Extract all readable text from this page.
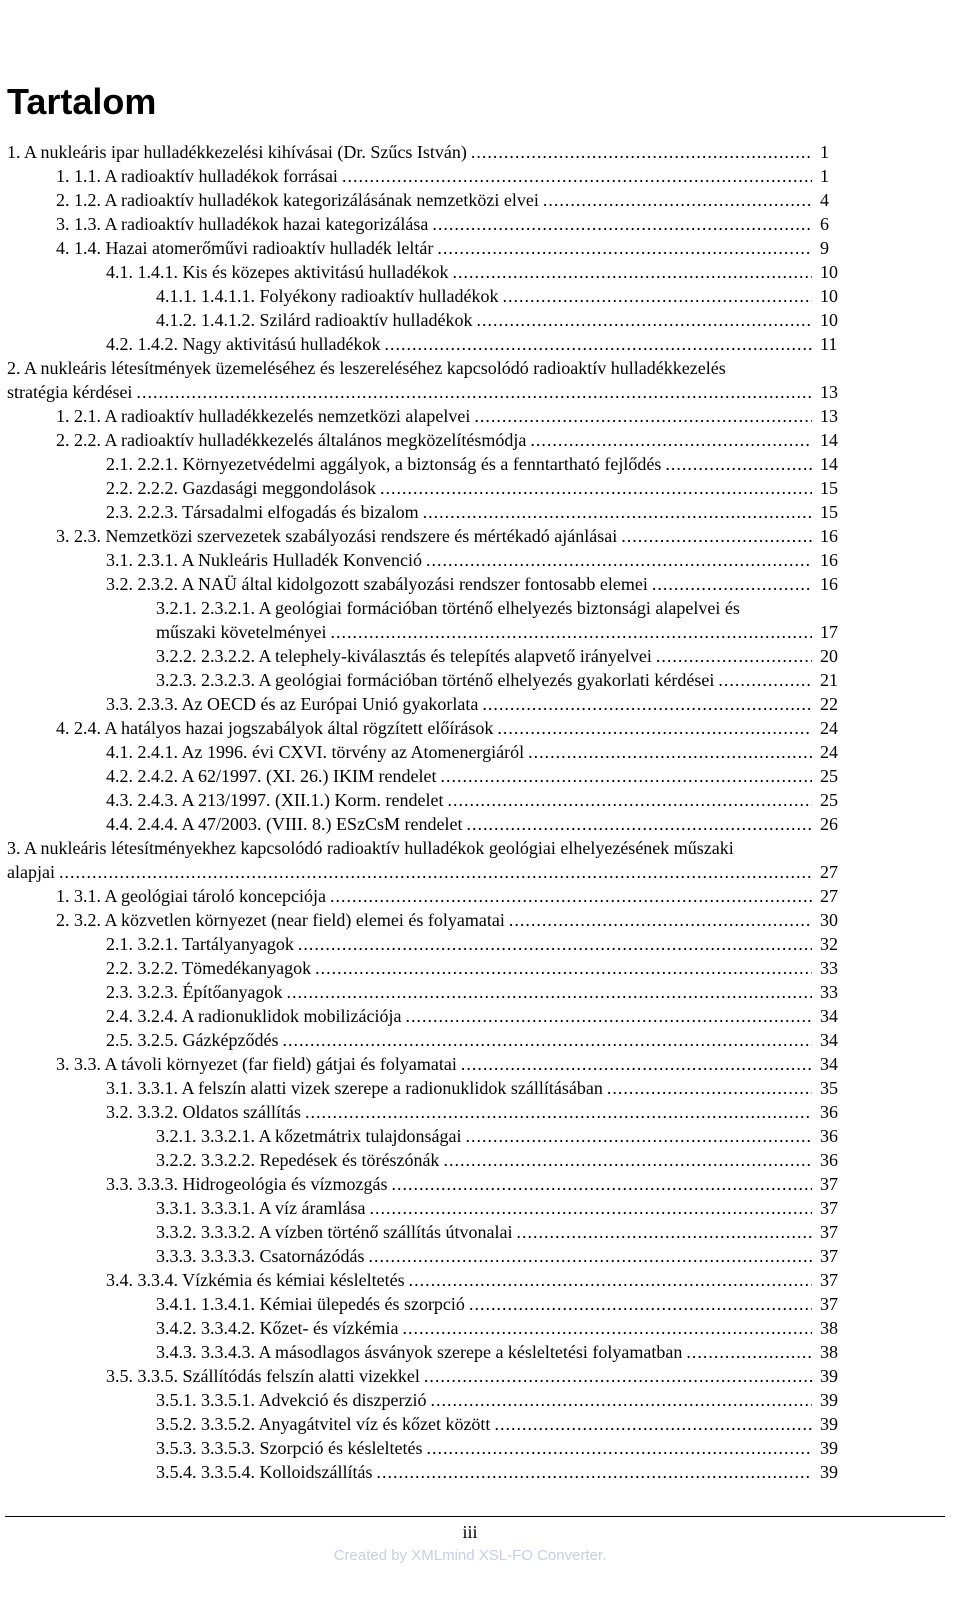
Tartalom
1. A nukleáris ipar hulladékkezelési kihívásai (Dr. Szűcs István) .....	1
1. 1.1. A radioaktív hulladékok forrásai .....	1
2. 1.2. A radioaktív hulladékok kategorizálásának nemzetközi elvei .....	4
3. 1.3. A radioaktív hulladékok hazai kategorizálása .....	6
4. 1.4. Hazai atomerőművi radioaktív hulladék leltár .....	9
4.1. 1.4.1. Kis és közepes aktivitású hulladékok .....	10
4.1.1. 1.4.1.1. Folyékony radioaktív hulladékok .....	10
4.1.2. 1.4.1.2. Szilárd radioaktív hulladékok .....	10
4.2. 1.4.2. Nagy aktivitású hulladékok .....	11
2. A nukleáris létesítmények üzemeléséhez és leszereléséhez kapcsolódó radioaktív hulladékkezelés
stratégia kérdései .....	13
1. 2.1. A radioaktív hulladékkezelés nemzetközi alapelvei .....	13
2. 2.2. A radioaktív hulladékkezelés általános megközelítésmódja .....	14
2.1. 2.2.1. Környezetvédelmi aggályok, a biztonság és a fenntartható fejlődés .....	14
2.2. 2.2.2. Gazdasági meggondolások .....	15
2.3. 2.2.3. Társadalmi elfogadás és bizalom .....	15
3. 2.3. Nemzetközi szervezetek szabályozási rendszere és mértékadó ajánlásai .....	16
3.1. 2.3.1. A Nukleáris Hulladék Konvenció .....	16
3.2. 2.3.2. A NAÜ által kidolgozott szabályozási rendszer fontosabb elemei .....	16
3.2.1. 2.3.2.1. A geológiai formációban történő elhelyezés biztonsági alapelvei és
műszaki követelményei .....	17
3.2.2. 2.3.2.2. A telephely-kiválasztás és telepítés alapvető irányelvei .....	20
3.2.3. 2.3.2.3. A geológiai formációban történő elhelyezés gyakorlati kérdései .....	21
3.3. 2.3.3. Az OECD és az Európai Unió gyakorlata .....	22
4. 2.4. A hatályos hazai jogszabályok által rögzített előírások .....	24
4.1. 2.4.1. Az 1996. évi CXVI. törvény az Atomenergiáról .....	24
4.2. 2.4.2. A 62/1997. (XI. 26.) IKIM rendelet .....	25
4.3. 2.4.3. A 213/1997. (XII.1.) Korm. rendelet .....	25
4.4. 2.4.4. A 47/2003. (VIII. 8.) ESzCsM rendelet .....	26
3. A nukleáris létesítményekhez kapcsolódó radioaktív hulladékok geológiai elhelyezésének műszaki
alapjai .....	27
1. 3.1. A geológiai tároló koncepciója .....	27
2. 3.2. A közvetlen környezet (near field) elemei és folyamatai .....	30
2.1. 3.2.1. Tartályanyagok .....	32
2.2. 3.2.2. Tömedékanyagok .....	33
2.3. 3.2.3. Építőanyagok .....	33
2.4. 3.2.4. A radionuklidok mobilizációja .....	34
2.5. 3.2.5. Gázképződés .....	34
3. 3.3. A távoli környezet (far field) gátjai és folyamatai .....	34
3.1. 3.3.1. A felszín alatti vizek szerepe a radionuklidok szállításában .....	35
3.2. 3.3.2. Oldatos szállítás .....	36
3.2.1. 3.3.2.1. A kőzetmátrix tulajdonságai .....	36
3.2.2. 3.3.2.2. Repedések és törészónák .....	36
3.3. 3.3.3. Hidrogeológia és vízmozgás .....	37
3.3.1. 3.3.3.1. A víz áramlása .....	37
3.3.2. 3.3.3.2. A vízben történő szállítás útvonalai .....	37
3.3.3. 3.3.3.3. Csatornázódás .....	37
3.4. 3.3.4. Vízkémia és kémiai késleltetés .....	37
3.4.1. 1.3.4.1. Kémiai ülepedés és szorpció .....	37
3.4.2. 3.3.4.2. Kőzet- és vízkémia .....	38
3.4.3. 3.3.4.3. A másodlagos ásványok szerepe a késleltetési folyamatban .....	38
3.5. 3.3.5. Szállítódás felszín alatti vizekkel .....	39
3.5.1. 3.3.5.1. Advekció és diszperzió .....	39
3.5.2. 3.3.5.2. Anyagátvitel víz és kőzet között .....	39
3.5.3. 3.3.5.3. Szorpció és késleltetés .....	39
3.5.4. 3.3.5.4. Kolloidszállítás .....	39
iii
Created by XMLmind XSL-FO Converter.
